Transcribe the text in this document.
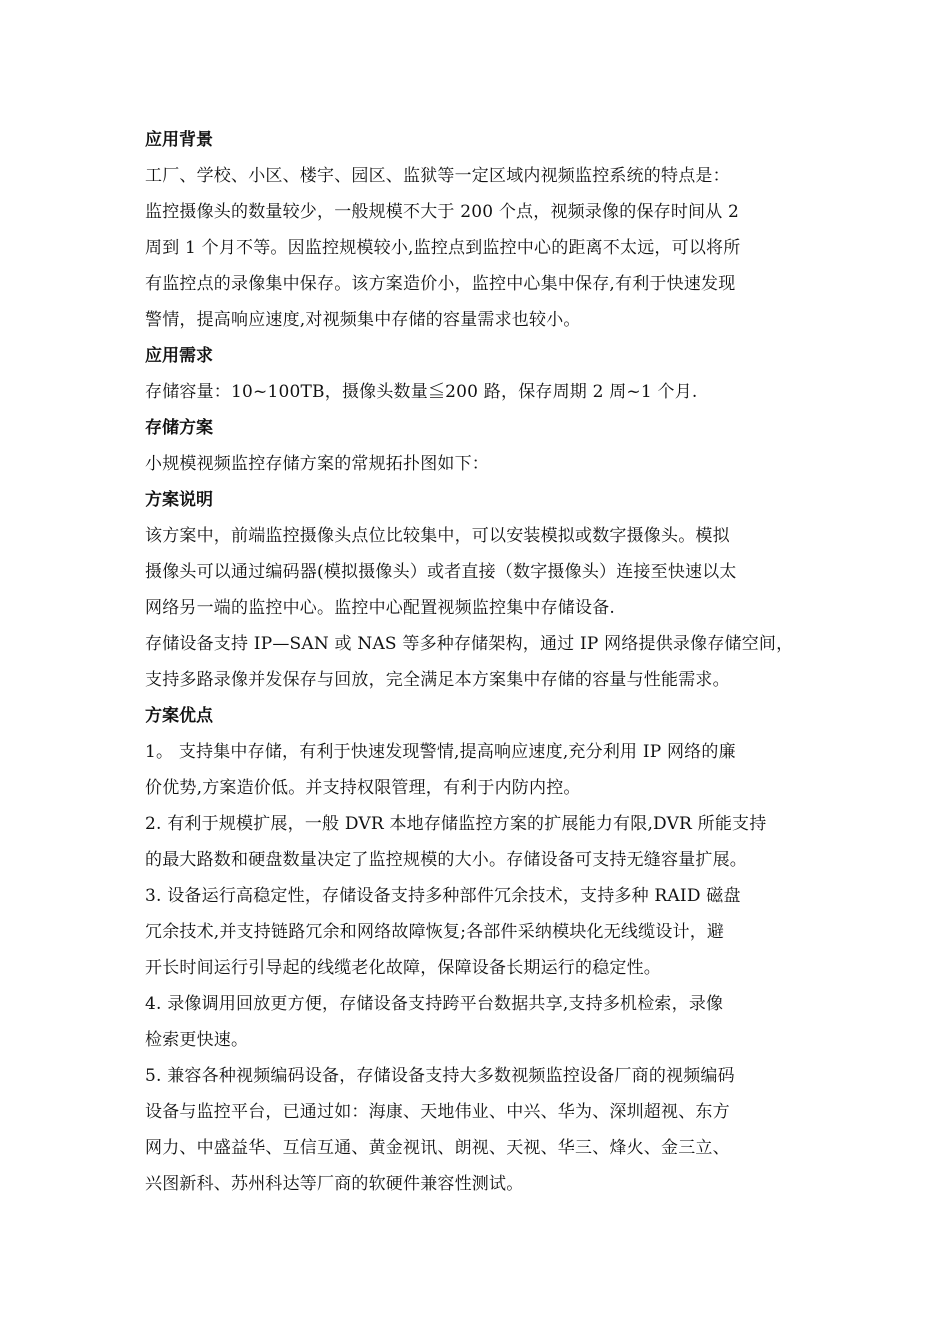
应用背景
工厂、学校、小区、楼宇、园区、监狱等一定区域内视频监控系统的特点是：
监控摄像头的数量较少，一般规模不大于 200 个点，视频录像的保存时间从 2
周到 1 个月不等。因监控规模较小,监控点到监控中心的距离不太远，可以将所
有监控点的录像集中保存。该方案造价小，监控中心集中保存,有利于快速发现
警情，提高响应速度,对视频集中存储的容量需求也较小。
应用需求
存储容量：10~100TB，摄像头数量≦200 路，保存周期 2 周~1 个月.
存储方案
小规模视频监控存储方案的常规拓扑图如下：
方案说明
该方案中，前端监控摄像头点位比较集中，可以安装模拟或数字摄像头。模拟
摄像头可以通过编码器(模拟摄像头）或者直接（数字摄像头）连接至快速以太
网络另一端的监控中心。监控中心配置视频监控集中存储设备.
存储设备支持 IP—SAN 或 NAS 等多种存储架构，通过 IP 网络提供录像存储空间，
支持多路录像并发保存与回放，完全满足本方案集中存储的容量与性能需求。
方案优点
1。 支持集中存储，有利于快速发现警情,提高响应速度,充分利用 IP 网络的廉
价优势,方案造价低。并支持权限管理，有利于内防内控。
2. 有利于规模扩展，一般 DVR 本地存储监控方案的扩展能力有限,DVR 所能支持
的最大路数和硬盘数量决定了监控规模的大小。存储设备可支持无缝容量扩展。
3. 设备运行高稳定性，存储设备支持多种部件冗余技术，支持多种 RAID 磁盘
冗余技术,并支持链路冗余和网络故障恢复;各部件采纳模块化无线缆设计，避
开长时间运行引导起的线缆老化故障，保障设备长期运行的稳定性。
4. 录像调用回放更方便，存储设备支持跨平台数据共享,支持多机检索，录像
检索更快速。
5. 兼容各种视频编码设备，存储设备支持大多数视频监控设备厂商的视频编码
设备与监控平台，已通过如：海康、天地伟业、中兴、华为、深圳超视、东方
网力、中盛益华、互信互通、黄金视讯、朗视、天视、华三、烽火、金三立、
兴图新科、苏州科达等厂商的软硬件兼容性测试。
